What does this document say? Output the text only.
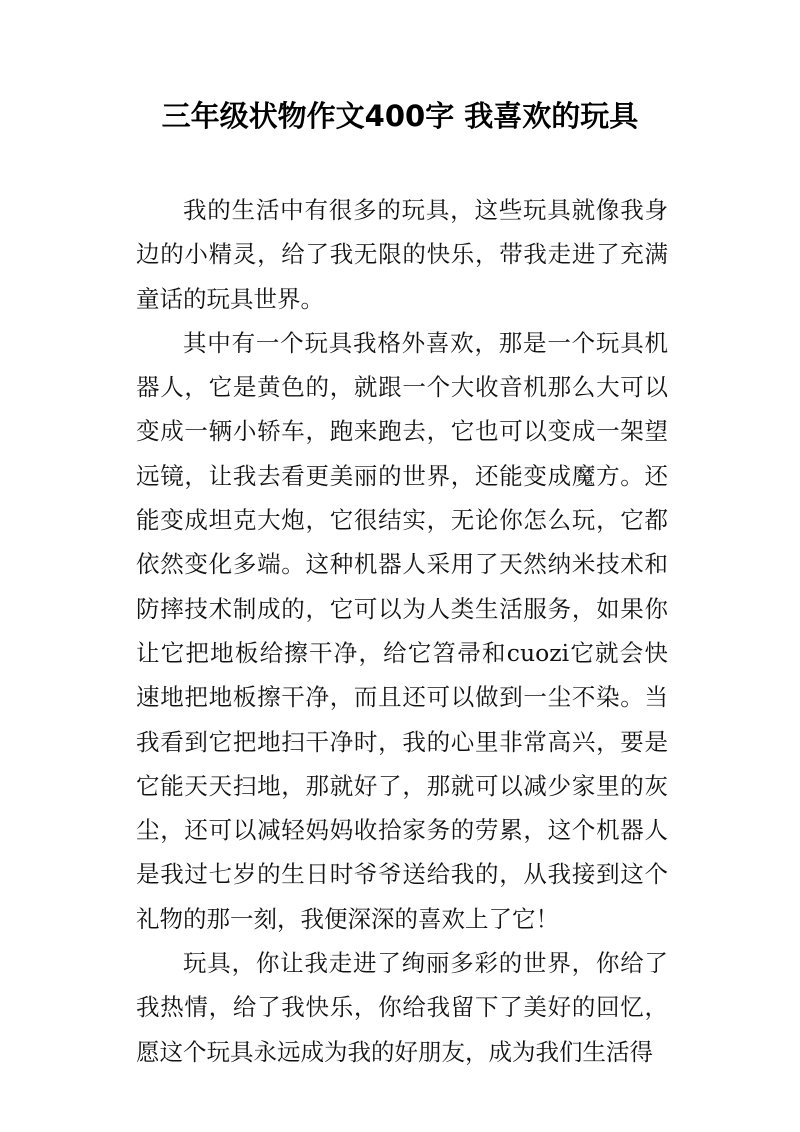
三年级状物作文400字 我喜欢的玩具

我的生活中有很多的玩具，这些玩具就像我身边的小精灵，给了我无限的快乐，带我走进了充满童话的玩具世界。

其中有一个玩具我格外喜欢，那是一个玩具机器人，它是黄色的，就跟一个大收音机那么大可以变成一辆小轿车，跑来跑去，它也可以变成一架望远镜，让我去看更美丽的世界，还能变成魔方。还能变成坦克大炮，它很结实，无论你怎么玩，它都依然变化多端。这种机器人采用了天然纳米技术和防摔技术制成的，它可以为人类生活服务，如果你让它把地板给擦干净，给它笤帚和cuozi它就会快速地把地板擦干净，而且还可以做到一尘不染。当我看到它把地扫干净时，我的心里非常高兴，要是它能天天扫地，那就好了，那就可以减少家里的灰尘，还可以减轻妈妈收拾家务的劳累，这个机器人是我过七岁的生日时爷爷送给我的，从我接到这个礼物的那一刻，我便深深的喜欢上了它！

玩具，你让我走进了绚丽多彩的世界，你给了我热情，给了我快乐，你给我留下了美好的回忆，愿这个玩具永远成为我的好朋友，成为我们生活得
